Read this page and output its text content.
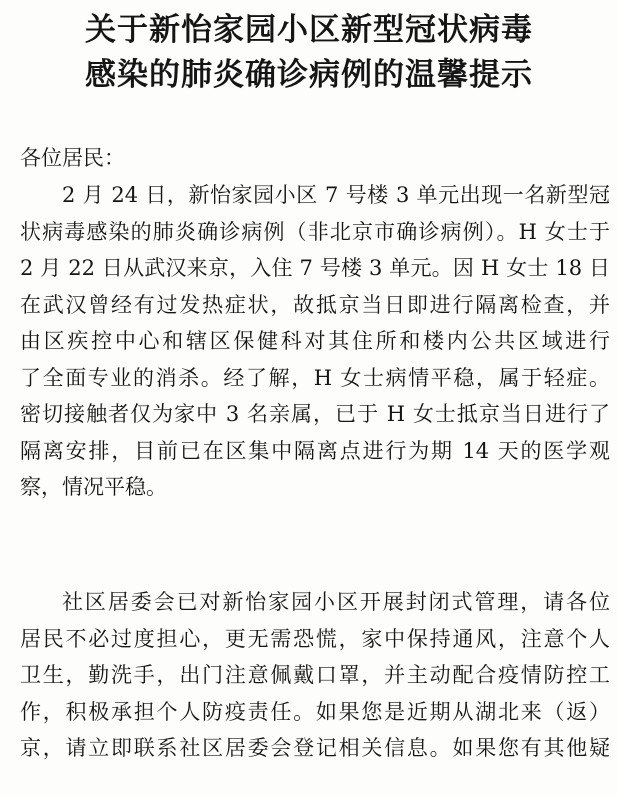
关于新怡家园小区新型冠状病毒
感染的肺炎确诊病例的温馨提示
各位居民：
2 月 24 日，新怡家园小区 7 号楼 3 单元出现一名新型冠
状病毒感染的肺炎确诊病例（非北京市确诊病例）。H 女士于
2 月 22 日从武汉来京，入住 7 号楼 3 单元。因 H 女士 18 日
在武汉曾经有过发热症状，故抵京当日即进行隔离检查，并
由区疾控中心和辖区保健科对其住所和楼内公共区域进行
了全面专业的消杀。经了解，H 女士病情平稳，属于轻症。
密切接触者仅为家中 3 名亲属，已于 H 女士抵京当日进行了
隔离安排，目前已在区集中隔离点进行为期 14 天的医学观
察，情况平稳。
社区居委会已对新怡家园小区开展封闭式管理，请各位
居民不必过度担心，更无需恐慌，家中保持通风，注意个人
卫生，勤洗手，出门注意佩戴口罩，并主动配合疫情防控工
作，积极承担个人防疫责任。如果您是近期从湖北来（返）
京，请立即联系社区居委会登记相关信息。如果您有其他疑
